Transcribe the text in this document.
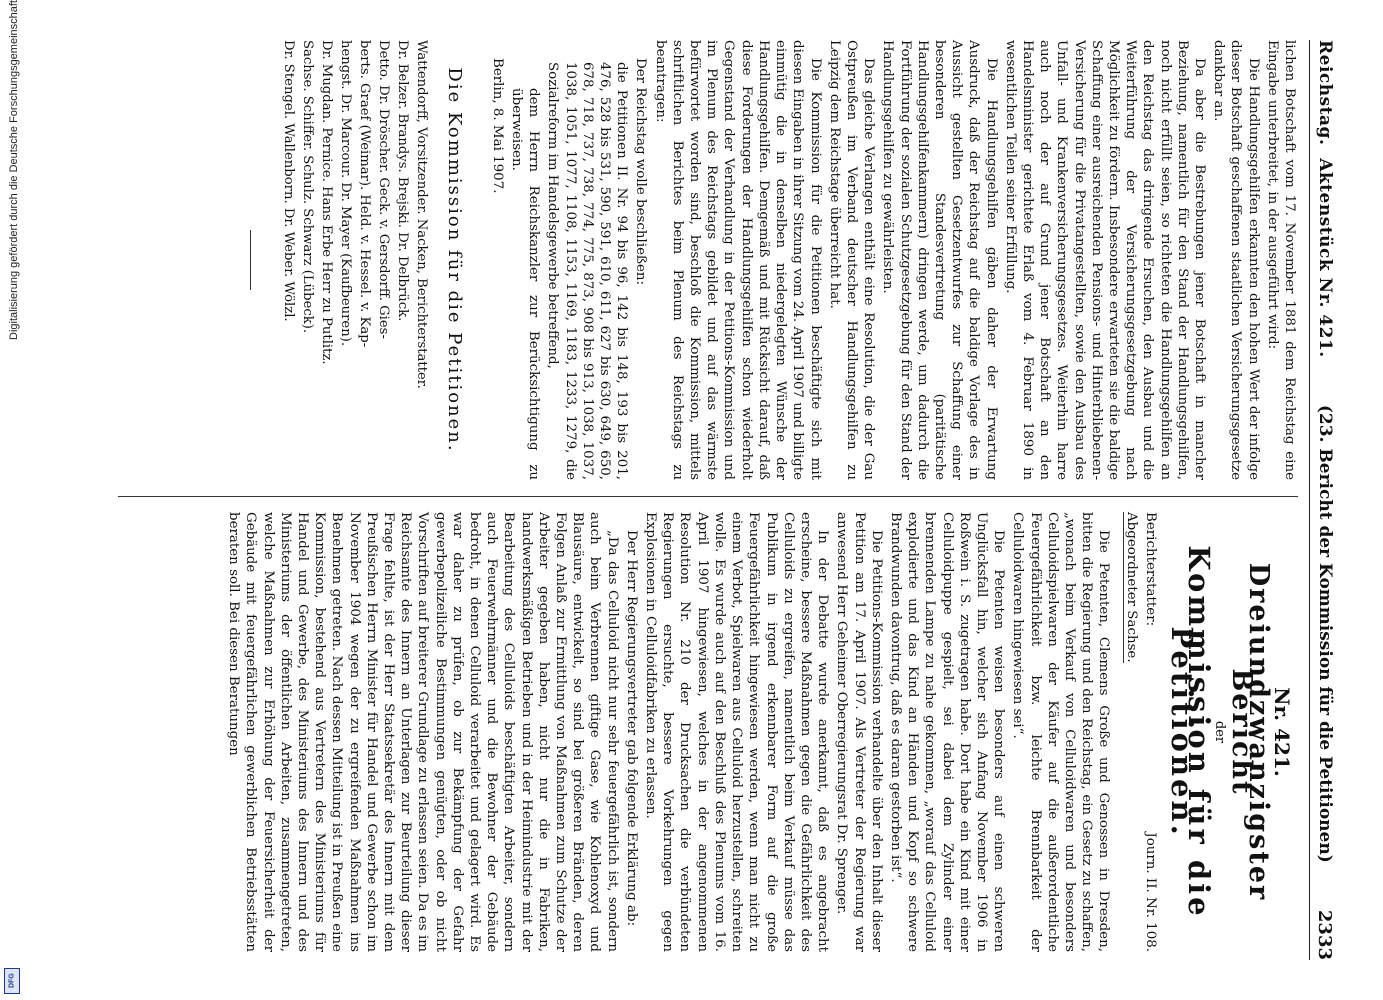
Digitalisierung gefördert durch die Deutsche Forschungsgemeinschaft
DFG
Reichstag.  Aktenstück Nr. 421.
(23. Bericht der Kommission für die Petitionen)
2333

lichen Botschaft vom 17. November 1881 dem Reichstag eine Eingabe unterbreitet, in der ausgeführt wird:

Die Handlungsgehilfen erkannten den hohen Wert der infolge dieser Botschaft geschaffenen staatlichen Versicherungsgesetze dankbar an.

Da aber die Bestrebungen jener Botschaft in mancher Beziehung, namentlich für den Stand der Handlungsgehilfen, noch nicht erfüllt seien, so richteten die Handlungsgehilfen an den Reichstag das dringende Ersuchen, den Ausbau und die Weiterführung der Versicherungsgesetzgebung nach Möglichkeit zu fördern. Insbesondere erwarteten sie die baldige Schaffung einer ausreichenden Pensions- und Hinterbliebenen-Versicherung für die Privatangestellten, sowie den Ausbau des Unfall- und Krankenversicherungsgesetzes. Weiterhin harre auch noch der auf Grund jener Botschaft an den Handelsminister gerichtete Erlaß vom 4. Februar 1890 in wesentlichen Teilen seiner Erfüllung.

Die Handlungsgehilfen gäben daher der Erwartung Ausdruck, daß der Reichstag auf die baldige Vorlage des in Aussicht gestellten Gesetzentwurfes zur Schaffung einer besonderen Standesvertretung (paritätische Handlungsgehilfenkammern) dringen werde, um dadurch die Fortführung der sozialen Schutzgesetzgebung für den Stand der Handlungsgehilfen zu gewährleisten.

Das gleiche Verlangen enthält eine Resolution, die der Gau Ostpreußen im Verband deutscher Handlungsgehilfen zu Leipzig dem Reichstage überreicht hat.

Die Kommission für die Petitionen beschäftigte sich mit diesen Eingaben in ihrer Sitzung vom 24. April 1907 und billigte einmütig die in denselben niedergelegten Wünsche der Handlungsgehilfen. Demgemäß und mit Rücksicht darauf, daß diese Forderungen der Handlungsgehilfen schon wiederholt Gegenstand der Verhandlung in der Petitions-Kommission und im Plenum des Reichstags gebildet und auf das wärmste befürwortet worden sind, beschloß die Kommission, mittels schriftlichen Berichtes beim Plenum des Reichstags zu beantragen:

Der Reichstag wolle beschließen:

die Petitionen II. Nr. 94 bis 96, 142 bis 148, 193 bis 201, 476, 528 bis 531, 590, 591, 610, 611, 627 bis 630, 649, 650, 678, 718, 737, 738, 774, 775, 873, 908 bis 913, 1038, 1037, 1038, 1051, 1077, 1108, 1153, 1169, 1183, 1233, 1279, die Sozialreform im Handelsgewerbe betreffend,

dem Herrn Reichskanzler zur Berücksichtigung zu überweisen.

Berlin, 8. Mai 1907.

Die Kommission für die Petitionen.
Wattendorff, Vorsitzender. Nacken, Berichterstatter.
Dr. Belzer. Brandys. Brejski. Dr. Delbrück.
Detto. Dr. Dröscher. Geck. v. Gersdorff. Gies-
berts. Graef (Weimar). Held. v. Hessel. v. Kap-
hengst. Dr. Marcour. Dr. Mayer (Kaufbeuren).
Dr. Mugdan. Pernice. Hans Erbe Herr zu Putlitz.
Sachse. Schiffer. Schulz. Schwarz (Lübeck).
Dr. Stengel. Wallenborn. Dr. Weber. Wölzl.
Nr. 421.
Dreiundzwanzigster Bericht
der
Kommission für die Petitionen.
Berichterstatter:
Journ. II. Nr. 108.
Abgeordneter Sachse.

Die Petenten, Clemens Große und Genossen in Dresden, bitten die Regierung und den Reichstag, ein Gesetz zu schaffen, „wonach beim Verkauf von Celluloidwaren und besonders Celluloidspielwaren der Käufer auf die außerordentliche Feuergefährlichkeit bzw. leichte Brennbarkeit der Celluloidwaren hingewiesen sei“.

Die Petenten weisen besonders auf einen schweren Unglücksfall hin, welcher sich Anfang November 1906 in Roßwein i. S. zugetragen habe. Dort habe ein Kind mit einer Celluloidpuppe gespielt, sei dabei dem Zylinder einer brennenden Lampe zu nahe gekommen, „worauf das Celluloid explodierte und das Kind an Händen und Kopf so schwere Brandwunden davontrug, daß es daran gestorben ist“.

Die Petitions-Kommission verhandelte über den Inhalt dieser Petition am 17. April 1907. Als Vertreter der Regierung war anwesend Herr Geheimer Oberregierungsrat Dr. Sprenger.

In der Debatte wurde anerkannt, daß es angebracht erscheine, bessere Maßnahmen gegen die Gefährlichkeit des Celluloids zu ergreifen, namentlich beim Verkauf müsse das Publikum in irgend erkennbarer Form auf die große Feuergefährlichkeit hingewiesen werden, wenn man nicht zu einem Verbot, Spielwaren aus Celluloid herzustellen, schreiten wolle. Es wurde auch auf den Beschluß des Plenums vom 16. April 1907 hingewiesen, welches in der angenommenen Resolution Nr. 210 der Drucksachen die verbündeten Regierungen ersuchte, bessere Vorkehrungen gegen Explosionen in Celluloidfabriken zu erlassen.

Der Herr Regierungsvertreter gab folgende Erklärung ab:

„Da das Celluloid nicht nur sehr feuergefährlich ist, sondern auch beim Verbrennen giftige Gase, wie Kohlenoxyd und Blausäure, entwickelt, so sind bei größeren Bränden, deren Folgen Anlaß zur Ermittlung von Maßnahmen zum Schutze der Arbeiter gegeben haben, nicht nur die in Fabriken, handwerksmäßigen Betrieben und in der Heimindustrie mit der Bearbeitung des Celluloids beschäftigten Arbeiter, sondern auch Feuerwehrmänner und die Bewohner der Gebäude bedroht, in denen Celluloid verarbeitet und gelagert wird. Es war daher zu prüfen, ob zur Bekämpfung der Gefahr gewerbepolizeiliche Bestimmungen genügten, oder ob nicht Vorschriften auf breiterer Grundlage zu erlassen seien. Da es im Reichsamte des Innern an Unterlagen zur Beurteilung dieser Frage fehlte, ist der Herr Staatssekretär des Innern mit dem Preußischen Herrn Minister für Handel und Gewerbe schon im November 1904 wegen der zu ergreifenden Maßnahmen ins Benehmen getreten. Nach dessen Mitteilung ist in Preußen eine Kommission, bestehend aus Vertretern des Ministeriums für Handel und Gewerbe, des Ministeriums des Innern und des Ministeriums der öffentlichen Arbeiten, zusammengetreten, welche Maßnahmen zur Erhöhung der Feuersicherheit der Gebäude mit feuergefährlichen gewerblichen Betriebsstätten beraten soll. Bei diesen Beratungen
